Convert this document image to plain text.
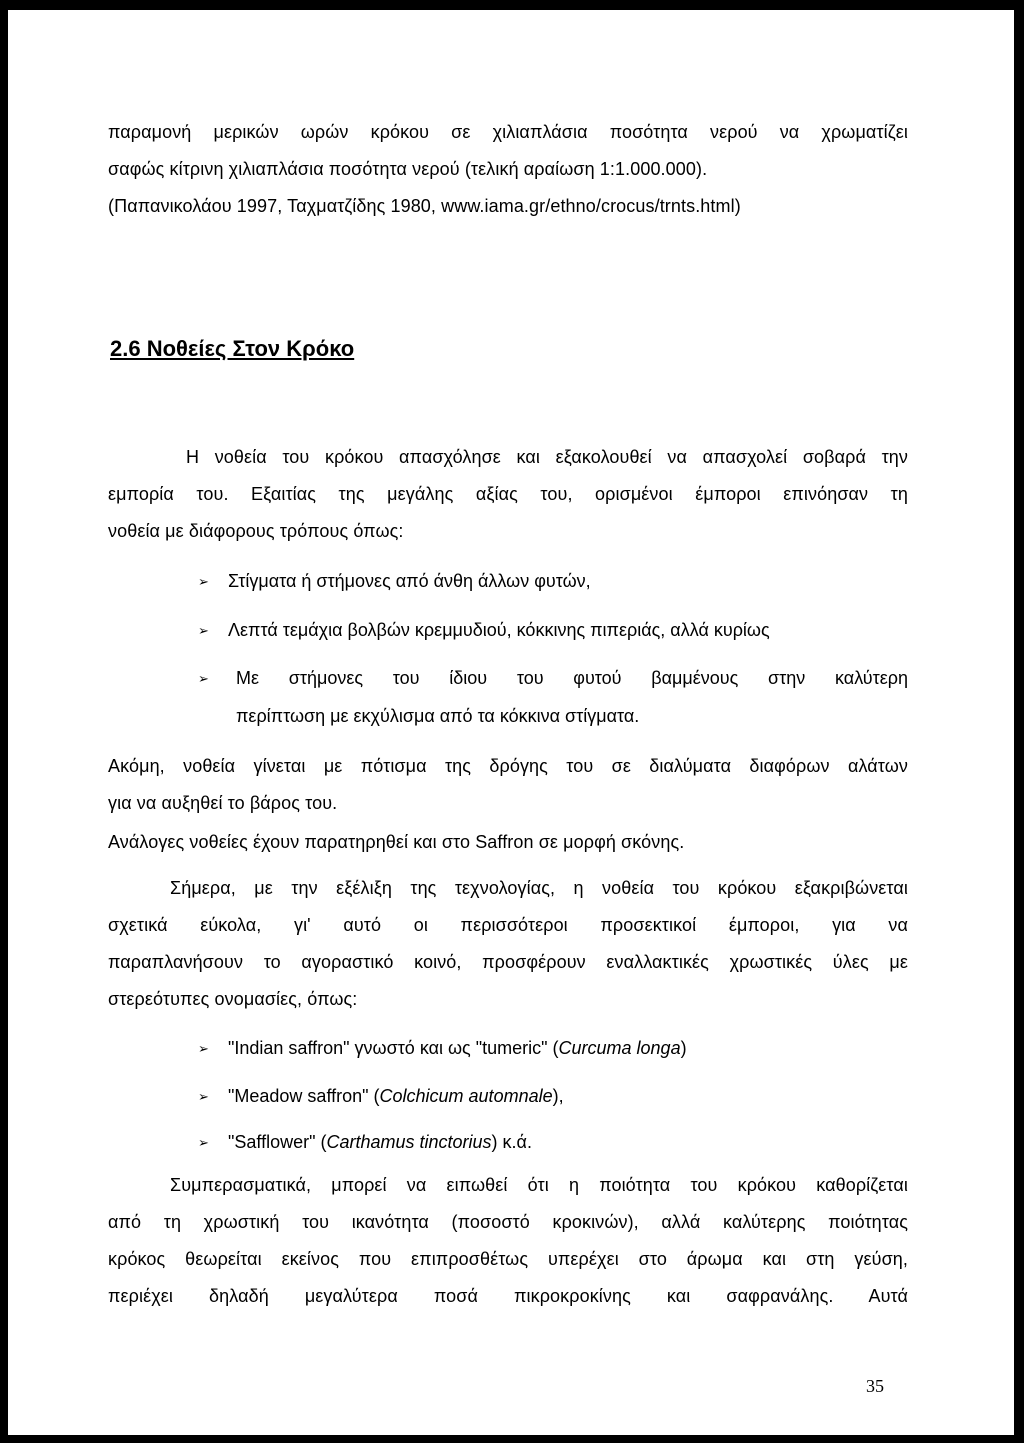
παραμονή μερικών ωρών κρόκου σε χιλιαπλάσια ποσότητα νερού να χρωματίζει

σαφώς κίτρινη χιλιαπλάσια ποσότητα νερού (τελική αραίωση 1:1.000.000).

(Παπανικολάου 1997, Ταχματζίδης 1980, www.iama.gr/ethno/crocus/trnts.html)

2.6 Νοθείες Στον Κρόκο

Η νοθεία του κρόκου απασχόλησε και εξακολουθεί να απασχολεί σοβαρά την

εμπορία του. Εξαιτίας της μεγάλης αξίας του, ορισμένοι έμποροι επινόησαν τη

νοθεία με διάφορους τρόπους όπως:

➢ Στίγματα ή στήμονες από άνθη άλλων φυτών,
➢ Λεπτά τεμάχια βολβών κρεμμυδιού, κόκκινης πιπεριάς, αλλά κυρίως
➢ Με στήμονες του ίδιου του φυτού βαμμένους στην καλύτερη

περίπτωση με εκχύλισμα από τα κόκκινα στίγματα.

Ακόμη, νοθεία γίνεται με πότισμα της δρόγης του σε διαλύματα διαφόρων αλάτων

για να αυξηθεί το βάρος του.

Ανάλογες νοθείες έχουν παρατηρηθεί και στο Saffron σε μορφή σκόνης.

Σήμερα, με την εξέλιξη της τεχνολογίας, η νοθεία του κρόκου εξακριβώνεται

σχετικά εύκολα, γι' αυτό οι περισσότεροι προσεκτικοί έμποροι, για να

παραπλανήσουν το αγοραστικό κοινό, προσφέρουν εναλλακτικές χρωστικές ύλες με

στερεότυπες ονομασίες, όπως:

➢ "Indian saffron" γνωστό και ως "tumeric" (Curcuma longa)
➢ "Meadow saffron" (Colchicum automnale),
➢ "Safflower" (Carthamus tinctorius) κ.ά.

Συμπερασματικά, μπορεί να ειπωθεί ότι η ποιότητα του κρόκου καθορίζεται

από τη χρωστική του ικανότητα (ποσοστό κροκινών), αλλά καλύτερης ποιότητας

κρόκος θεωρείται εκείνος που επιπροσθέτως υπερέχει στο άρωμα και στη γεύση,

περιέχει δηλαδή μεγαλύτερα ποσά πικροκροκίνης και σαφρανάλης. Αυτά

35
